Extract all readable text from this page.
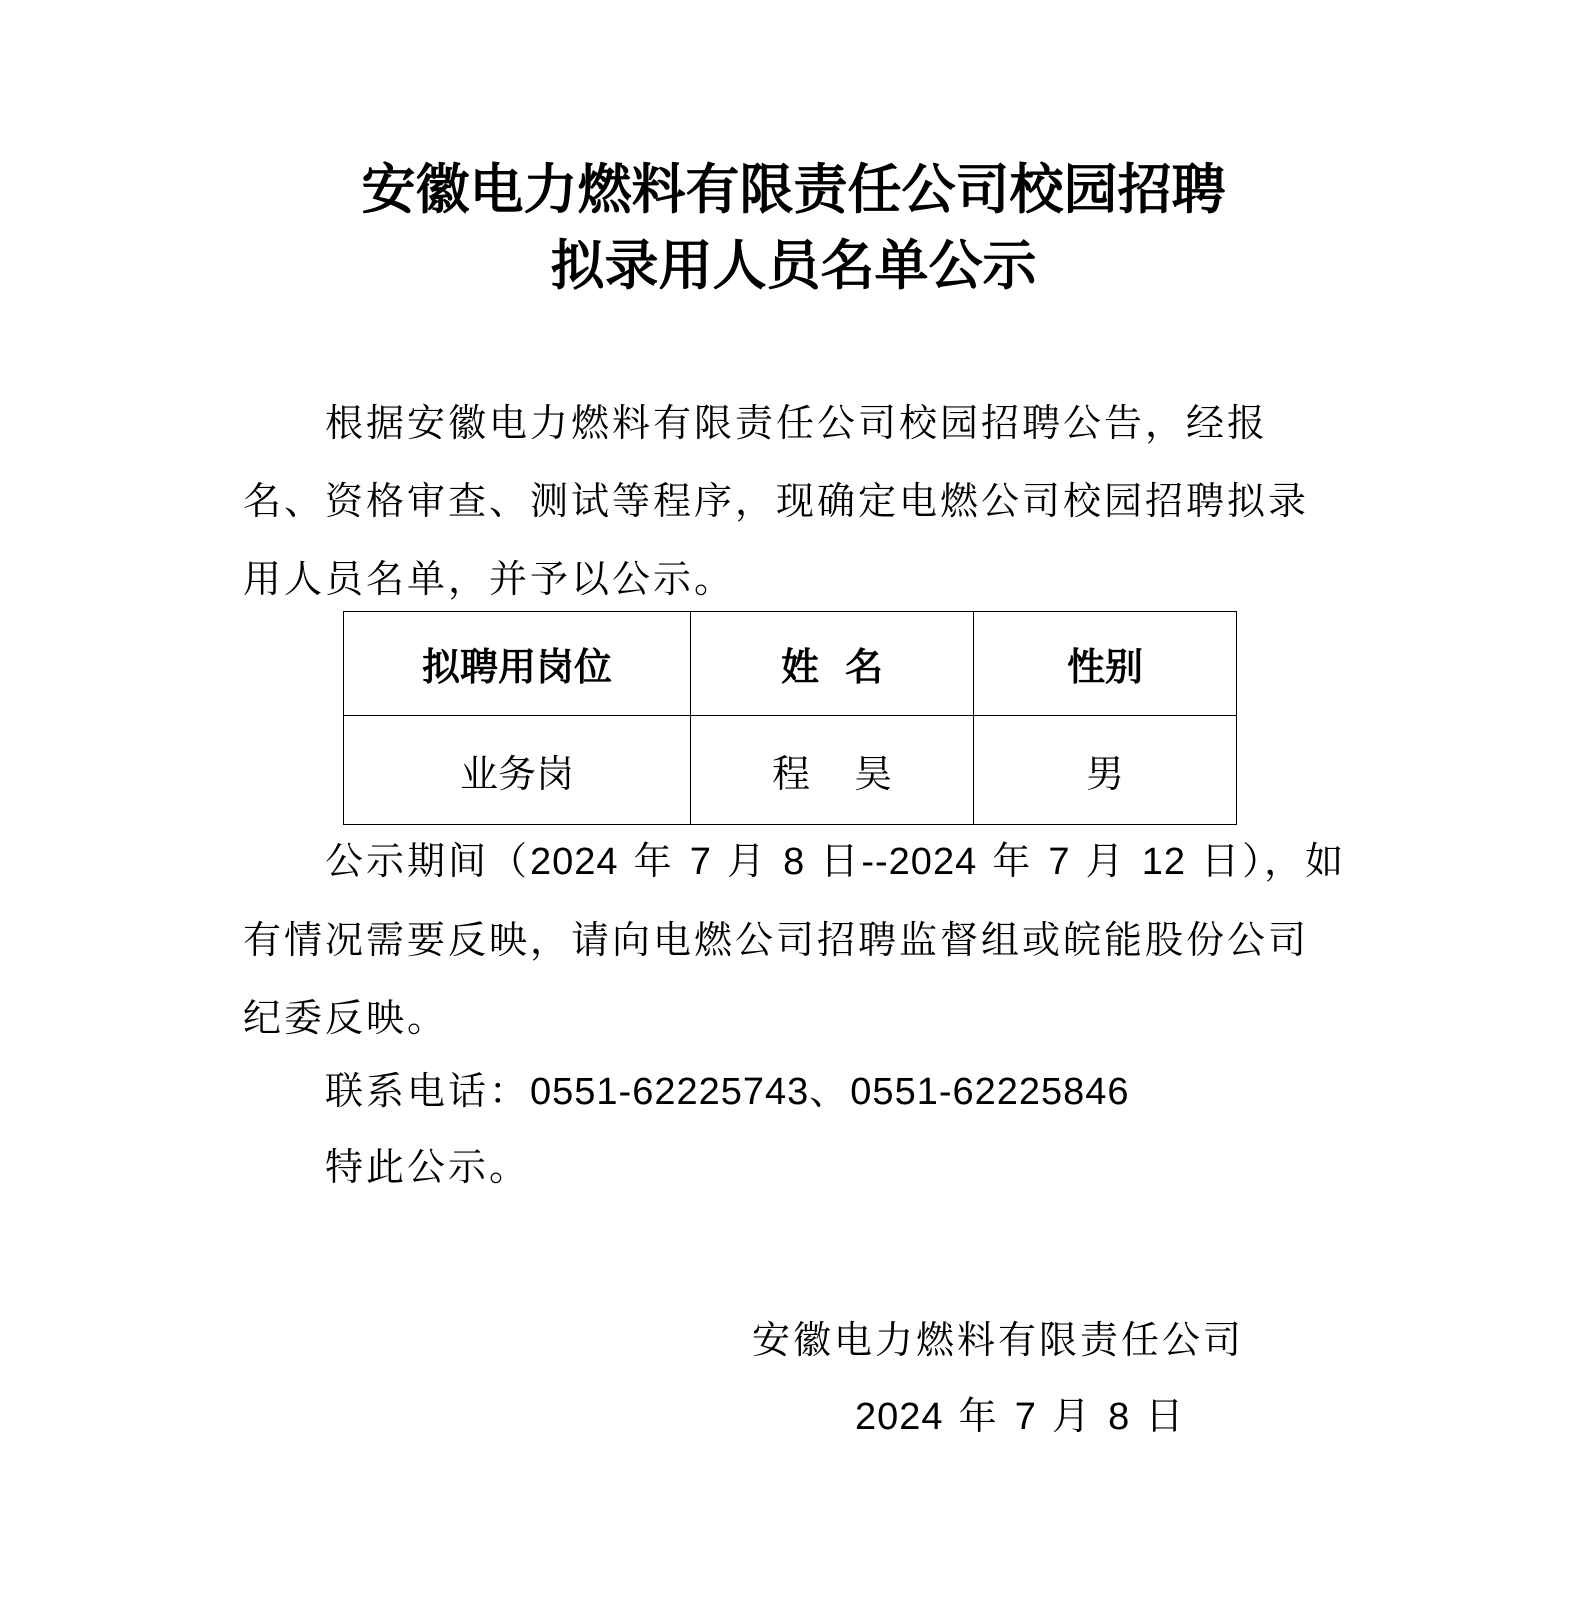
安徽电力燃料有限责任公司校园招聘
拟录用人员名单公示

根据安徽电力燃料有限责任公司校园招聘公告，经报名、资格审查、测试等程序，现确定电燃公司校园招聘拟录用人员名单，并予以公示。

拟聘用岗位	姓名	性别
业务岗	程昊	男

公示期间（2024 年 7 月 8 日--2024 年 7 月 12 日），如有情况需要反映，请向电燃公司招聘监督组或皖能股份公司纪委反映。

联系电话：0551-62225743、0551-62225846

特此公示。

安徽电力燃料有限责任公司

2024 年 7 月 8 日
